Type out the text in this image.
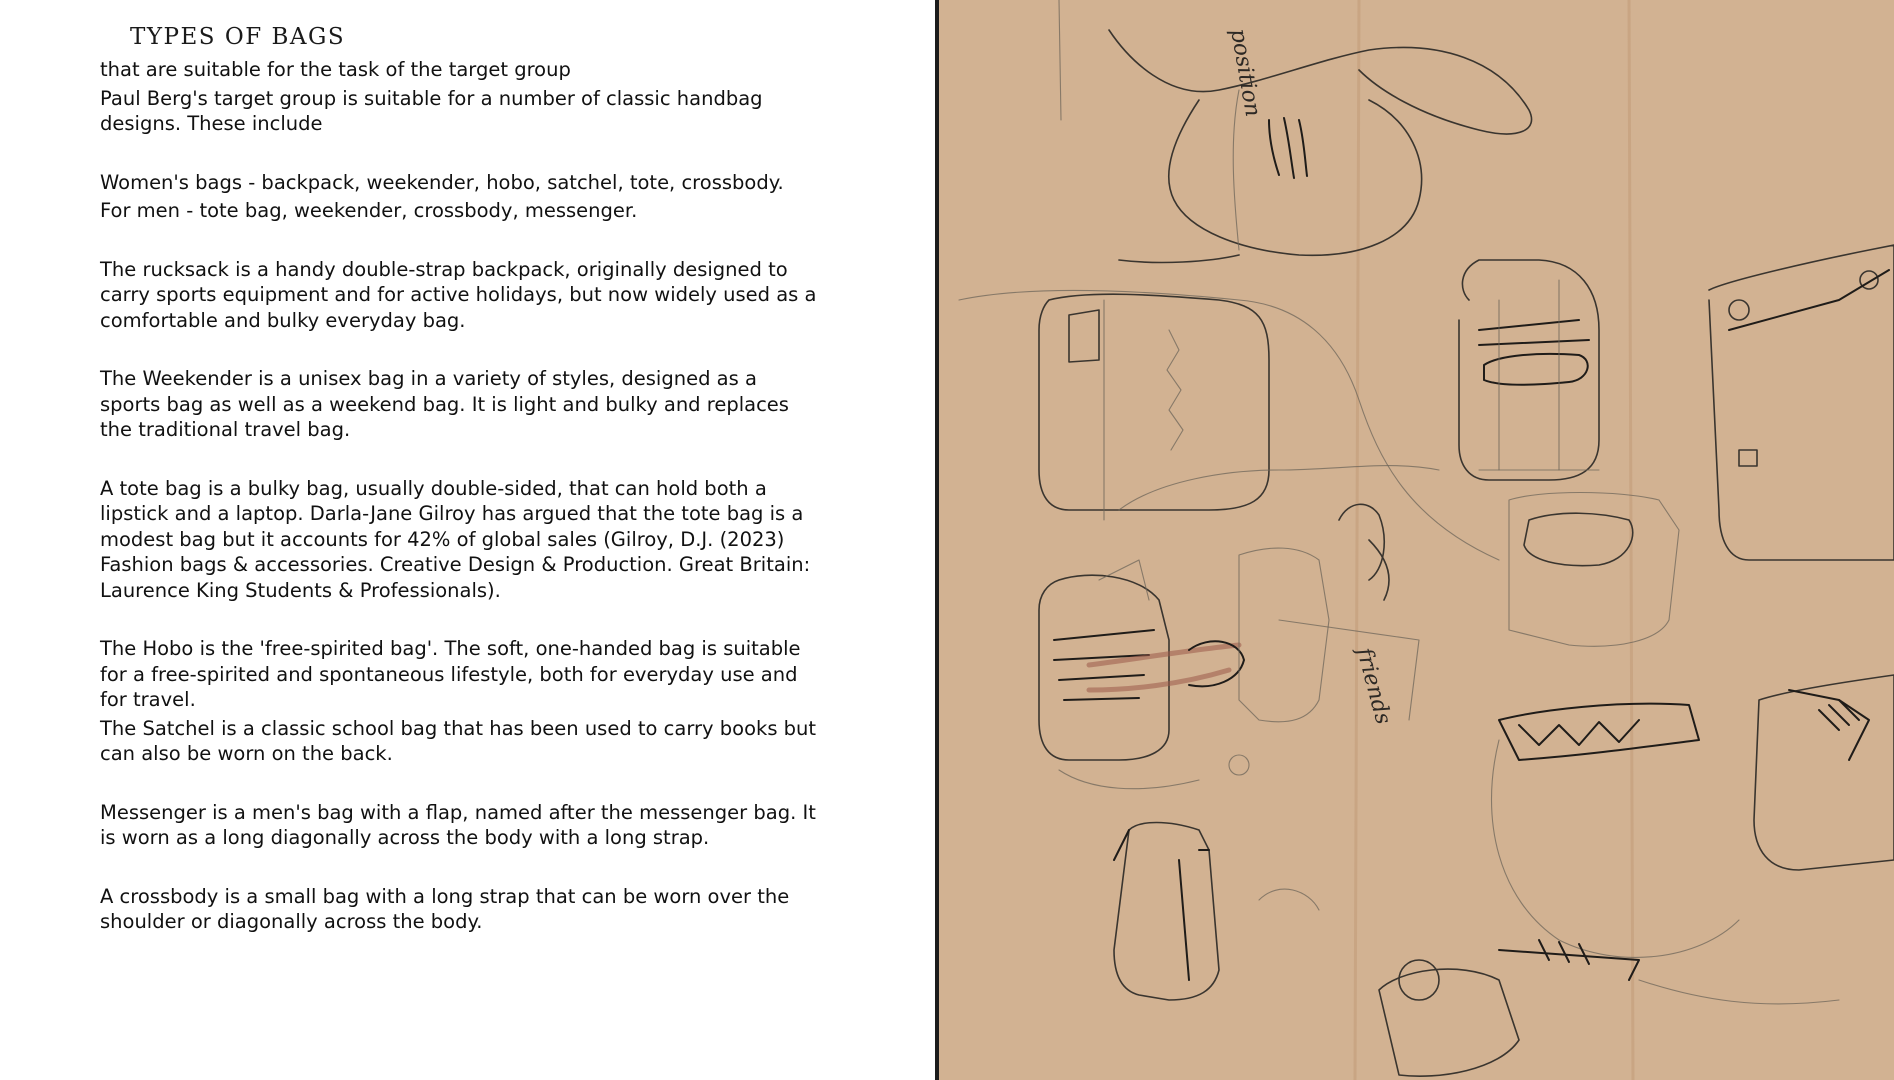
TYPES OF BAGS

that are suitable for the task of the target group

Paul Berg's target group is suitable for a number of classic handbag designs. These include

Women's bags - backpack, weekender, hobo, satchel, tote, crossbody.

For men - tote bag, weekender, crossbody, messenger.

The rucksack is a handy double-strap backpack, originally designed to carry sports equipment and for active holidays, but now widely used as a comfortable and bulky everyday bag.

The Weekender is a unisex bag in a variety of styles, designed as a sports bag as well as a weekend bag. It is light and bulky and replaces the traditional travel bag.

A tote bag is a bulky bag, usually double-sided, that can hold both a lipstick and a laptop. Darla-Jane Gilroy has argued that the tote bag is a modest bag but it accounts for 42% of global sales (Gilroy, D.J. (2023) Fashion bags & accessories. Creative Design & Production. Great Britain: Laurence King Students & Professionals).

The Hobo is the 'free-spirited bag'. The soft, one-handed bag is suitable for a free-spirited and spontaneous lifestyle, both for everyday use and for travel.

The Satchel is a classic school bag that has been used to carry books but can also be worn on the back.

Messenger is a men's bag with a flap, named after the messenger bag. It is worn as a long diagonally across the body with a long strap.

A crossbody is a small bag with a long strap that can be worn over the shoulder or diagonally across the body.

position
friends
